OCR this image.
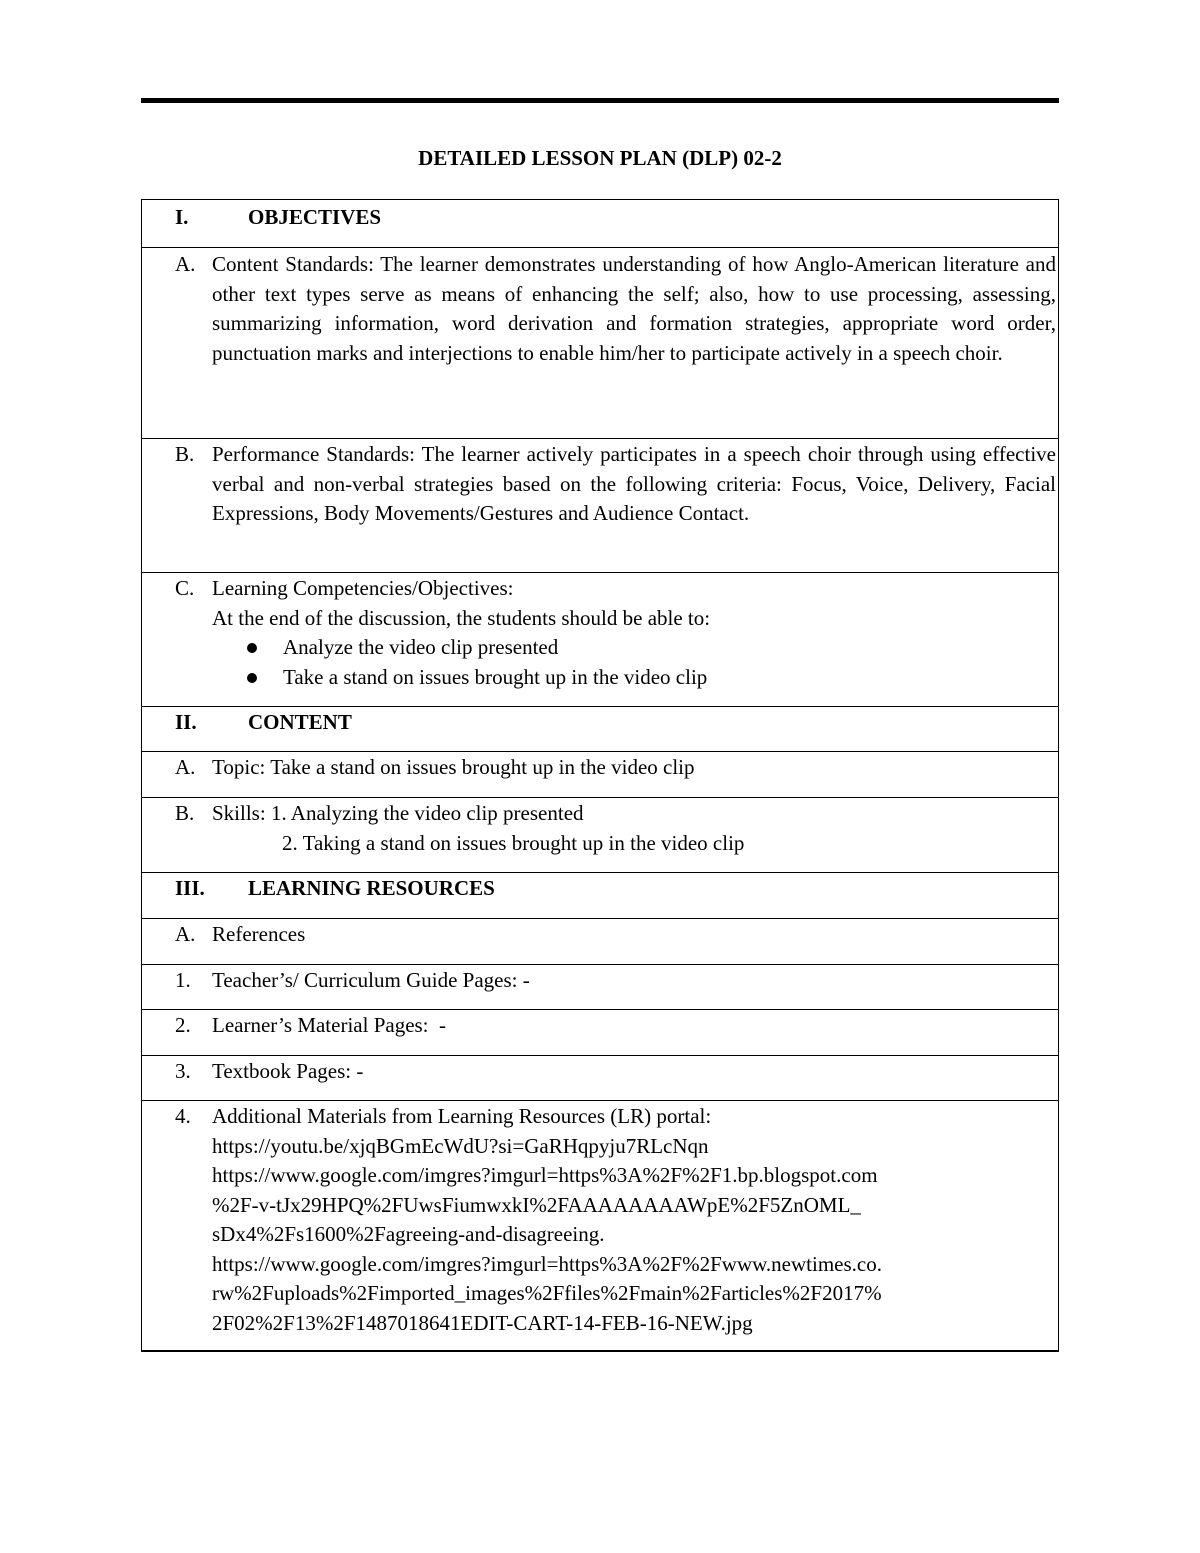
DETAILED LESSON PLAN (DLP) 02-2
I.	OBJECTIVES
A. Content Standards: The learner demonstrates understanding of how Anglo-American literature and other text types serve as means of enhancing the self; also, how to use processing, assessing, summarizing information, word derivation and formation strategies, appropriate word order, punctuation marks and interjections to enable him/her to participate actively in a speech choir.
B. Performance Standards: The learner actively participates in a speech choir through using effective verbal and non-verbal strategies based on the following criteria: Focus, Voice, Delivery, Facial Expressions, Body Movements/Gestures and Audience Contact.
C. Learning Competencies/Objectives:
At the end of the discussion, the students should be able to:
Analyze the video clip presented
Take a stand on issues brought up in the video clip
II. CONTENT
A. Topic: Take a stand on issues brought up in the video clip
B. Skills: 1. Analyzing the video clip presented
2. Taking a stand on issues brought up in the video clip
III. LEARNING RESOURCES
A. References
1. Teacher’s/ Curriculum Guide Pages: -
2. Learner’s Material Pages:  -
3. Textbook Pages: -
4. Additional Materials from Learning Resources (LR) portal:
https://youtu.be/xjqBGmEcWdU?si=GaRHqpyju7RLcNqn
https://www.google.com/imgres?imgurl=https%3A%2F%2F1.bp.blogspot.com
%2F-v-tJx29HPQ%2FUwsFiumwxkI%2FAAAAAAAAWpE%2F5ZnOML_
sDx4%2Fs1600%2Fagreeing-and-disagreeing.
https://www.google.com/imgres?imgurl=https%3A%2F%2Fwww.newtimes.co.
rw%2Fuploads%2Fimported_images%2Ffiles%2Fmain%2Farticles%2F2017%
2F02%2F13%2F1487018641EDIT-CART-14-FEB-16-NEW.jpg
